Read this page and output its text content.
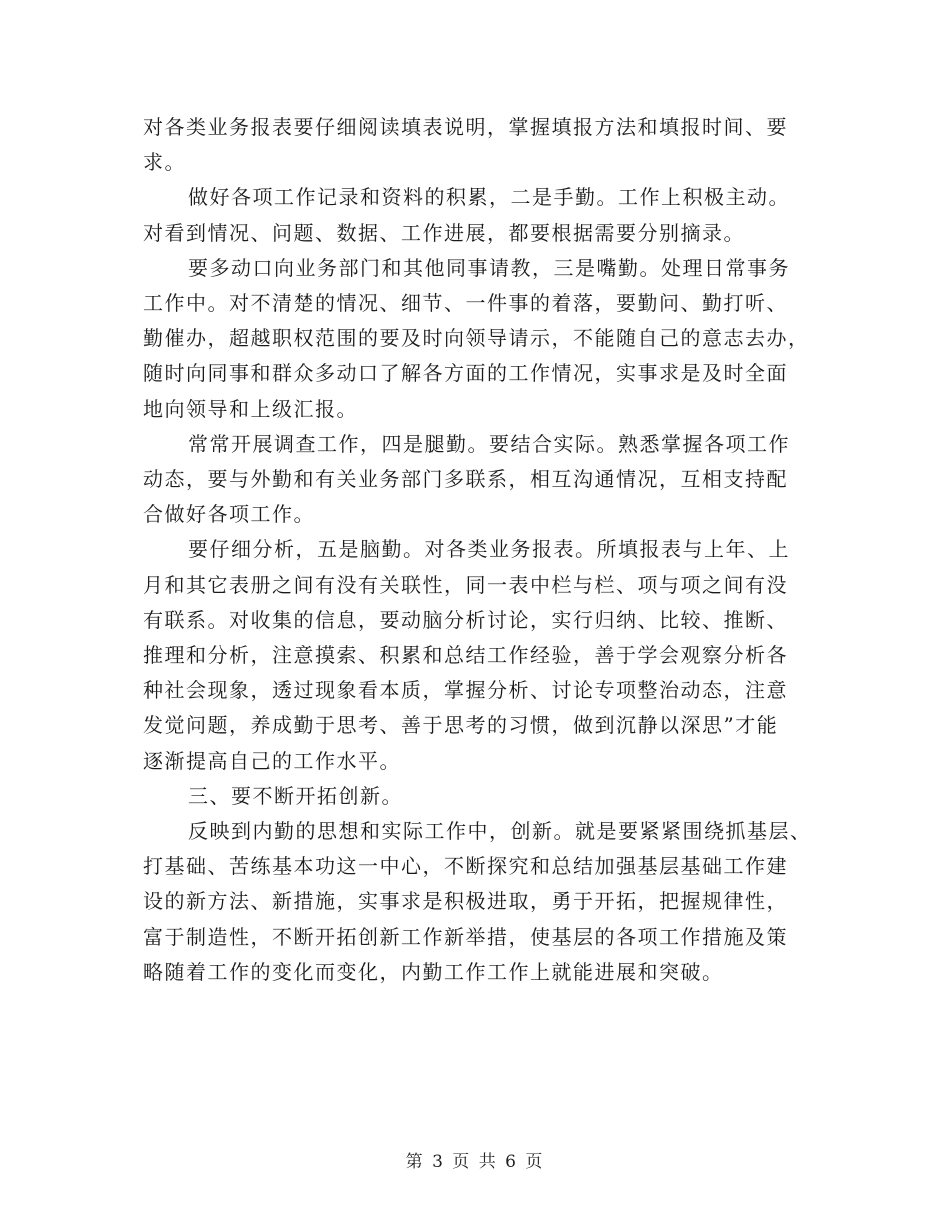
对各类业务报表要仔细阅读填表说明，掌握填报方法和填报时间、要
求。

做好各项工作记录和资料的积累，二是手勤。工作上积极主动。
对看到情况、问题、数据、工作进展，都要根据需要分别摘录。

要多动口向业务部门和其他同事请教，三是嘴勤。处理日常事务
工作中。对不清楚的情况、细节、一件事的着落，要勤问、勤打听、
勤催办，超越职权范围的要及时向领导请示，不能随自己的意志去办，
随时向同事和群众多动口了解各方面的工作情况，实事求是及时全面
地向领导和上级汇报。

常常开展调查工作，四是腿勤。要结合实际。熟悉掌握各项工作
动态，要与外勤和有关业务部门多联系，相互沟通情况，互相支持配
合做好各项工作。

要仔细分析，五是脑勤。对各类业务报表。所填报表与上年、上
月和其它表册之间有没有关联性，同一表中栏与栏、项与项之间有没
有联系。对收集的信息，要动脑分析讨论，实行归纳、比较、推断、
推理和分析，注意摸索、积累和总结工作经验，善于学会观察分析各
种社会现象，透过现象看本质，掌握分析、讨论专项整治动态，注意
发觉问题，养成勤于思考、善于思考的习惯，做到沉静以深思”才能
逐渐提高自己的工作水平。

三、要不断开拓创新。

反映到内勤的思想和实际工作中，创新。就是要紧紧围绕抓基层、
打基础、苦练基本功这一中心，不断探究和总结加强基层基础工作建
设的新方法、新措施，实事求是积极进取，勇于开拓，把握规律性，
富于制造性，不断开拓创新工作新举措，使基层的各项工作措施及策
略随着工作的变化而变化，内勤工作工作上就能进展和突破。

第 3 页 共 6 页
